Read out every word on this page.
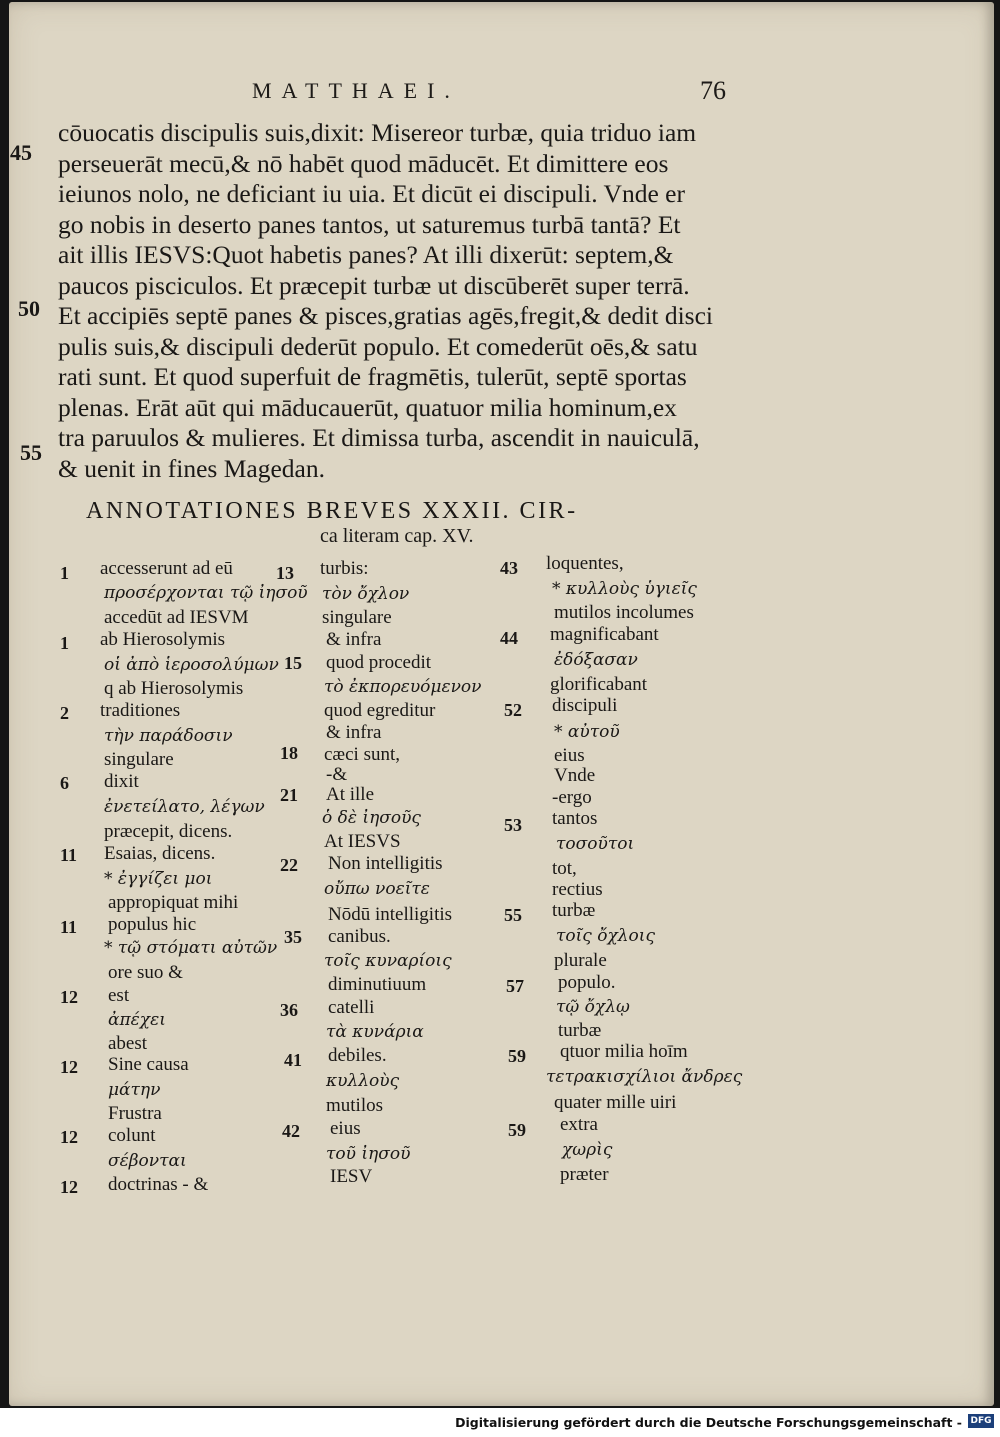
MATTHAEI.	76
45
50
55
cōuocatis discipulis suis,dixit: Misereor turbæ, quia triduo iam
perseuerāt mecū,& nō habēt quod māducēt. Et dimittere eos
ieiunos nolo, ne deficiant iu uia. Et dicūt ei discipuli. Vnde er
go nobis in deserto panes tantos, ut saturemus turbā tantā? Et
ait illis IESVS:Quot habetis panes? At illi dixerūt: septem,&
paucos pisciculos. Et præcepit turbæ ut discūberēt super terrā.
Et accipiēs septē panes & pisces,gratias agēs,fregit,& dedit disci
pulis suis,& discipuli dederūt populo. Et comederūt oēs,& satu
rati sunt. Et quod superfuit de fragmētis, tulerūt, septē sportas
plenas. Erāt aūt qui māducauerūt, quatuor milia hominum,ex
tra paruulos & mulieres. Et dimissa turba, ascendit in nauiculā,
& uenit in fines Magedan.
ANNOTATIONES BREVES XXXII. CIR-
ca literam cap. XV.
1
1
2
6
11
11
12
12
12
12
accesserunt ad eū
προσέρχονται τῷ ἰησοῦ
accedūt ad IESVM
ab Hierosolymis
οἱ ἀπὸ ἱεροσολύμων
q ab Hierosolymis
traditiones
τὴν παράδοσιν
singulare
dixit
ἐνετείλατο, λέγων
præcepit, dicens.
Esaias, dicens.
* ἐγγίζει μοι
appropiquat mihi
populus hic
* τῷ στόματι αὐτῶν
ore suo &
est
ἀπέχει
abest
Sine causa
μάτην
Frustra
colunt
σέβονται
doctrinas - &
13
15
18
21
22
35
36
41
42
turbis:
τὸν ὄχλον
singulare
& infra
quod procedit
τὸ ἐκπορευόμενον
quod egreditur
& infra
cæci sunt,
-&
At ille
ὁ δὲ ἰησοῦς
At IESVS
Non intelligitis
οὔπω νοεῖτε
Nōdū intelligitis
canibus.
τοῖς κυναρίοις
diminutiuum
catelli
τὰ κυνάρια
debiles.
κυλλοὺς
mutilos
eius
τοῦ ἰησοῦ
IESV
43
44
52
53
55
57
59
59
loquentes,
* κυλλοὺς ὑγιεῖς
mutilos incolumes
magnificabant
ἐδόξασαν
glorificabant
discipuli
* αὐτοῦ
eius
Vnde
-ergo
tantos
τοσοῦτοι
tot,
rectius
turbæ
τοῖς ὄχλοις
plurale
populo.
τῷ ὄχλῳ
turbæ
qtuor milia hoīm
τετρακισχίλιοι ἄνδρες
quater mille uiri
extra
χωρὶς
præter
Digitalisierung gefördert durch die Deutsche Forschungsgemeinschaft - DFG
